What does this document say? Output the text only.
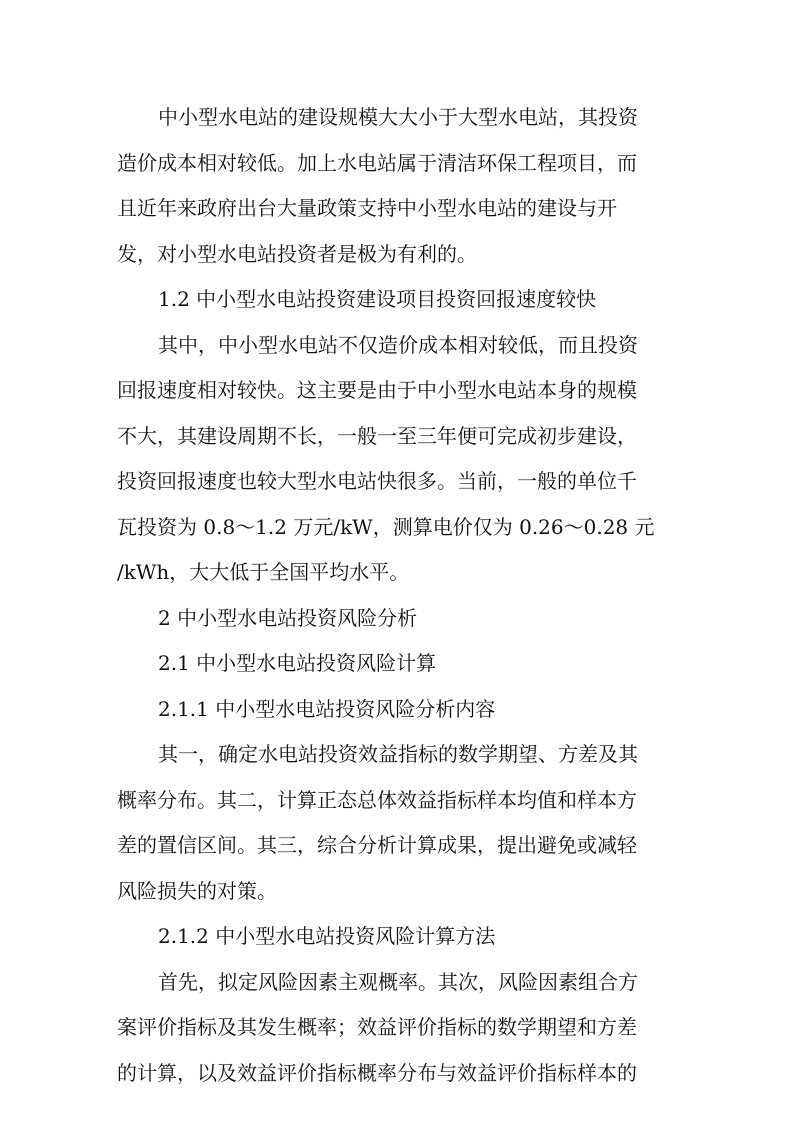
中小型水电站的建设规模大大小于大型水电站，其投资
造价成本相对较低。加上水电站属于清洁环保工程项目，而
且近年来政府出台大量政策支持中小型水电站的建设与开
发，对小型水电站投资者是极为有利的。
1.2 中小型水电站投资建设项目投资回报速度较快
其中，中小型水电站不仅造价成本相对较低，而且投资
回报速度相对较快。这主要是由于中小型水电站本身的规模
不大，其建设周期不长，一般一至三年便可完成初步建设，
投资回报速度也较大型水电站快很多。当前，一般的单位千
瓦投资为 0.8～1.2 万元/kW，测算电价仅为 0.26～0.28 元
/kWh，大大低于全国平均水平。
2 中小型水电站投资风险分析
2.1 中小型水电站投资风险计算
2.1.1 中小型水电站投资风险分析内容
其一，确定水电站投资效益指标的数学期望、方差及其
概率分布。其二，计算正态总体效益指标样本均值和样本方
差的置信区间。其三，综合分析计算成果，提出避免或减轻
风险损失的对策。
2.1.2 中小型水电站投资风险计算方法
首先，拟定风险因素主观概率。其次，风险因素组合方
案评价指标及其发生概率；效益评价指标的数学期望和方差
的计算，以及效益评价指标概率分布与效益评价指标样本的
